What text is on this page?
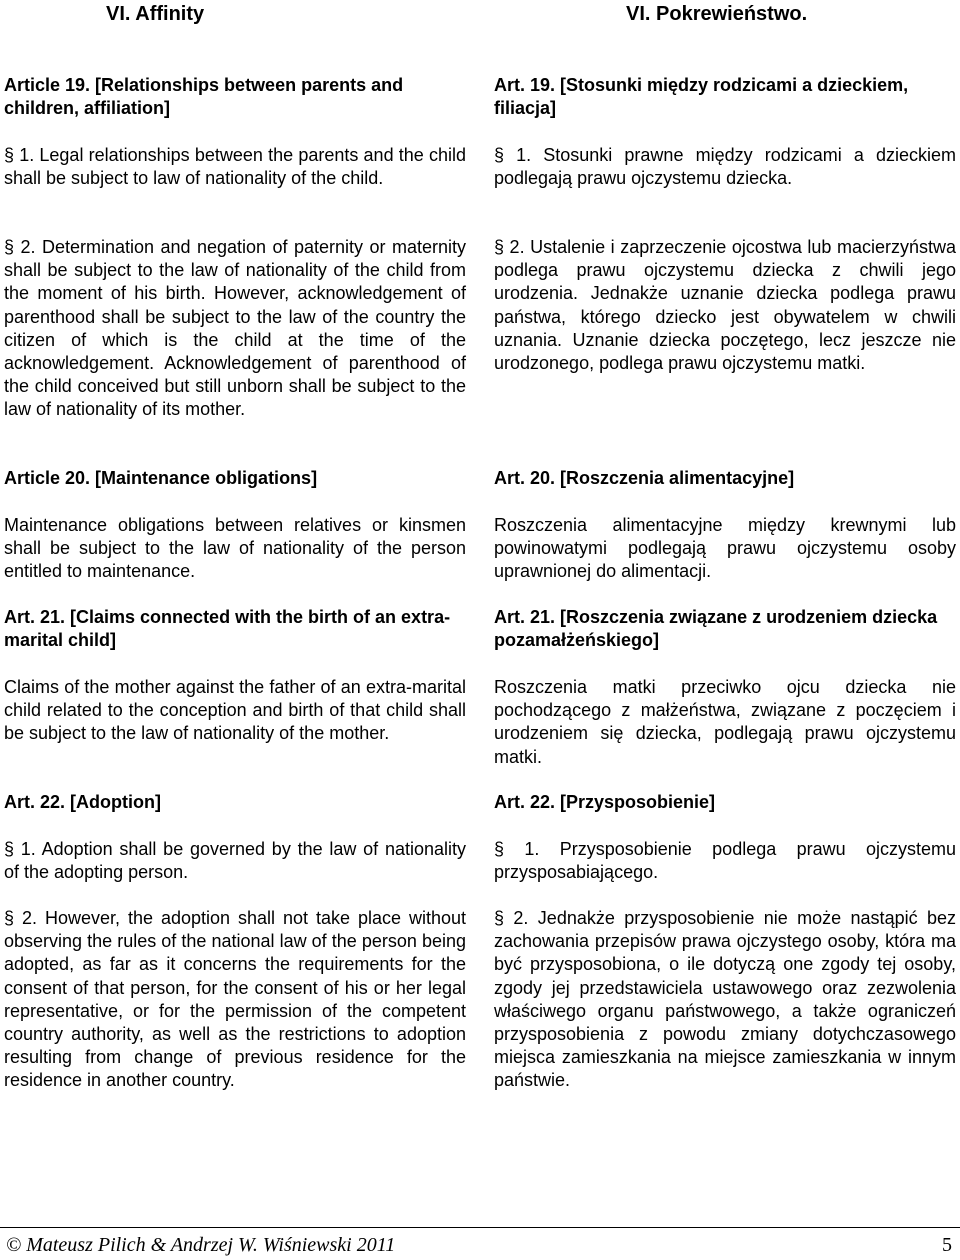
VI. Affinity
Article 19. [Relationships between parents and children, affiliation]
§ 1. Legal relationships between the parents and the child shall be subject to law of nationality of the child.
§ 2. Determination and negation of paternity or maternity shall be subject to the law of nationality of the child from the moment of his birth. However, acknowledgement of parenthood shall be subject to the law of the country the citizen of which is the child at the time of the acknowledgement. Acknowledgement of parenthood of the child conceived but still unborn shall be subject to the law of nationality of its mother.
Article 20. [Maintenance obligations]
Maintenance obligations between relatives or kinsmen shall be subject to the law of nationality of the person entitled to maintenance.
Art. 21. [Claims connected with the birth of an extra-marital child]
Claims of the mother against the father of an extra-marital child related to the conception and birth of that child shall be subject to the law of nationality of the mother.
Art. 22. [Adoption]
§ 1. Adoption shall be governed by the law of nationality of the adopting person.
§ 2. However, the adoption shall not take place without observing the rules of the national law of the person being adopted, as far as it concerns the requirements for the consent of that person, for the consent of his or her legal representative, or for the permission of the competent country authority, as well as the restrictions to adoption resulting from change of previous residence for the residence in another country.
VI. Pokrewieństwo.
Art. 19. [Stosunki między rodzicami a dzieckiem, filiacja]
§ 1. Stosunki prawne między rodzicami a dzieckiem podlegają prawu ojczystemu dziecka.
§ 2. Ustalenie i zaprzeczenie ojcostwa lub macierzyństwa podlega prawu ojczystemu dziecka z chwili jego urodzenia. Jednakże uznanie dziecka podlega prawu państwa, którego dziecko jest obywatelem w chwili uznania. Uznanie dziecka poczętego, lecz jeszcze nie urodzonego, podlega prawu ojczystemu matki.
Art. 20. [Roszczenia alimentacyjne]
Roszczenia alimentacyjne między krewnymi lub powinowatymi podlegają prawu ojczystemu osoby uprawnionej do alimentacji.
Art. 21. [Roszczenia związane z urodzeniem dziecka pozamałżeńskiego]
Roszczenia matki przeciwko ojcu dziecka nie pochodzącego z małżeństwa, związane z poczęciem i urodzeniem się dziecka, podlegają prawu ojczystemu matki.
Art. 22. [Przysposobienie]
§ 1. Przysposobienie podlega prawu ojczystemu przysposabiającego.
§ 2. Jednakże przysposobienie nie może nastąpić bez zachowania przepisów prawa ojczystego osoby, która ma być przysposobiona, o ile dotyczą one zgody tej osoby, zgody jej przedstawiciela ustawowego oraz zezwolenia właściwego organu państwowego, a także ograniczeń przysposobienia z powodu zmiany dotychczasowego miejsca zamieszkania na miejsce zamieszkania w innym państwie.
© Mateusz Pilich & Andrzej W. Wiśniewski 2011	5
